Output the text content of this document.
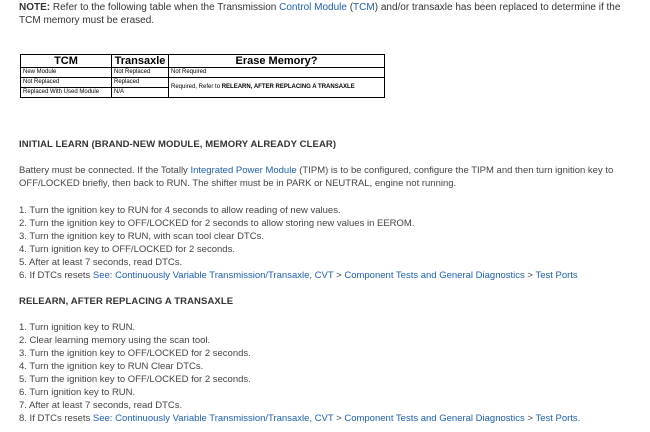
NOTE: Refer to the following table when the Transmission Control Module (TCM) and/or transaxle has been replaced to determine if the TCM memory must be erased.
TCM	Transaxle	Erase Memory?
New Module	Not Replaced	Not Required
Not Replaced	Replaced	Required, Refer to RELEARN, AFTER REPLACING A TRANSAXLE
Replaced With Used Module	N/A	
INITIAL LEARN (BRAND-NEW MODULE, MEMORY ALREADY CLEAR)
Battery must be connected. If the Totally Integrated Power Module (TIPM) is to be configured, configure the TIPM and then turn ignition key to OFF/LOCKED briefly, then back to RUN. The shifter must be in PARK or NEUTRAL, engine not running.
1. Turn the ignition key to RUN for 4 seconds to allow reading of new values.
2. Turn the ignition key to OFF/LOCKED for 2 seconds to allow storing new values in EEROM.
3. Turn the ignition key to RUN, with scan tool clear DTCs.
4. Turn ignition key to OFF/LOCKED for 2 seconds.
5. After at least 7 seconds, read DTCs.
6. If DTCs resets See: Continuously Variable Transmission/Transaxle, CVT > Component Tests and General Diagnostics > Test Ports
RELEARN, AFTER REPLACING A TRANSAXLE
1. Turn ignition key to RUN.
2. Clear learning memory using the scan tool.
3. Turn the ignition key to OFF/LOCKED for 2 seconds.
4. Turn the ignition key to RUN Clear DTCs.
5. Turn the ignition key to OFF/LOCKED for 2 seconds.
6. Turn ignition key to RUN.
7. After at least 7 seconds, read DTCs.
8. If DTCs resets See: Continuously Variable Transmission/Transaxle, CVT > Component Tests and General Diagnostics > Test Ports.
